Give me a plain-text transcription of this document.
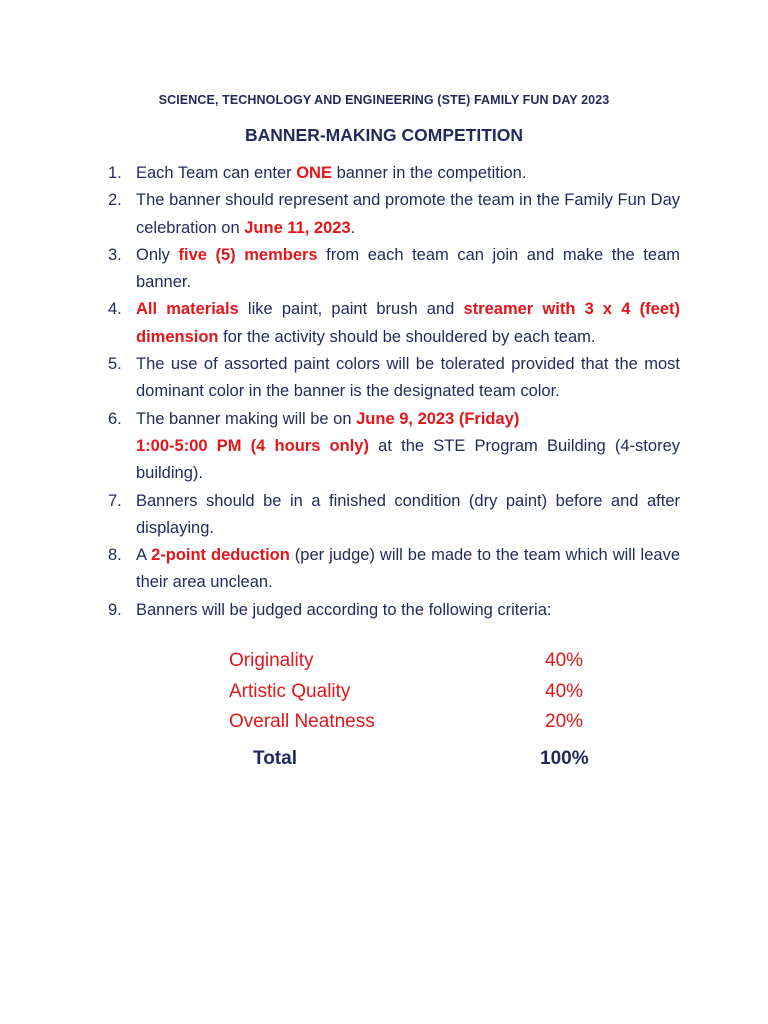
SCIENCE, TECHNOLOGY AND ENGINEERING (STE) FAMILY FUN DAY 2023
BANNER-MAKING COMPETITION
1. Each Team can enter ONE banner in the competition.
2. The banner should represent and promote the team in the Family Fun Day celebration on June 11, 2023.
3. Only five (5) members from each team can join and make the team banner.
4. All materials like paint, paint brush and streamer with 3 x 4 (feet) dimension for the activity should be shouldered by each team.
5. The use of assorted paint colors will be tolerated provided that the most dominant color in the banner is the designated team color.
6. The banner making will be on June 9, 2023 (Friday)
1:00-5:00 PM (4 hours only) at the STE Program Building (4-storey building).
7. Banners should be in a finished condition (dry paint) before and after displaying.
8. A 2-point deduction (per judge) will be made to the team which will leave their area unclean.
9. Banners will be judged according to the following criteria:
Originality	40%
Artistic Quality	40%
Overall Neatness	20%
Total	100%
